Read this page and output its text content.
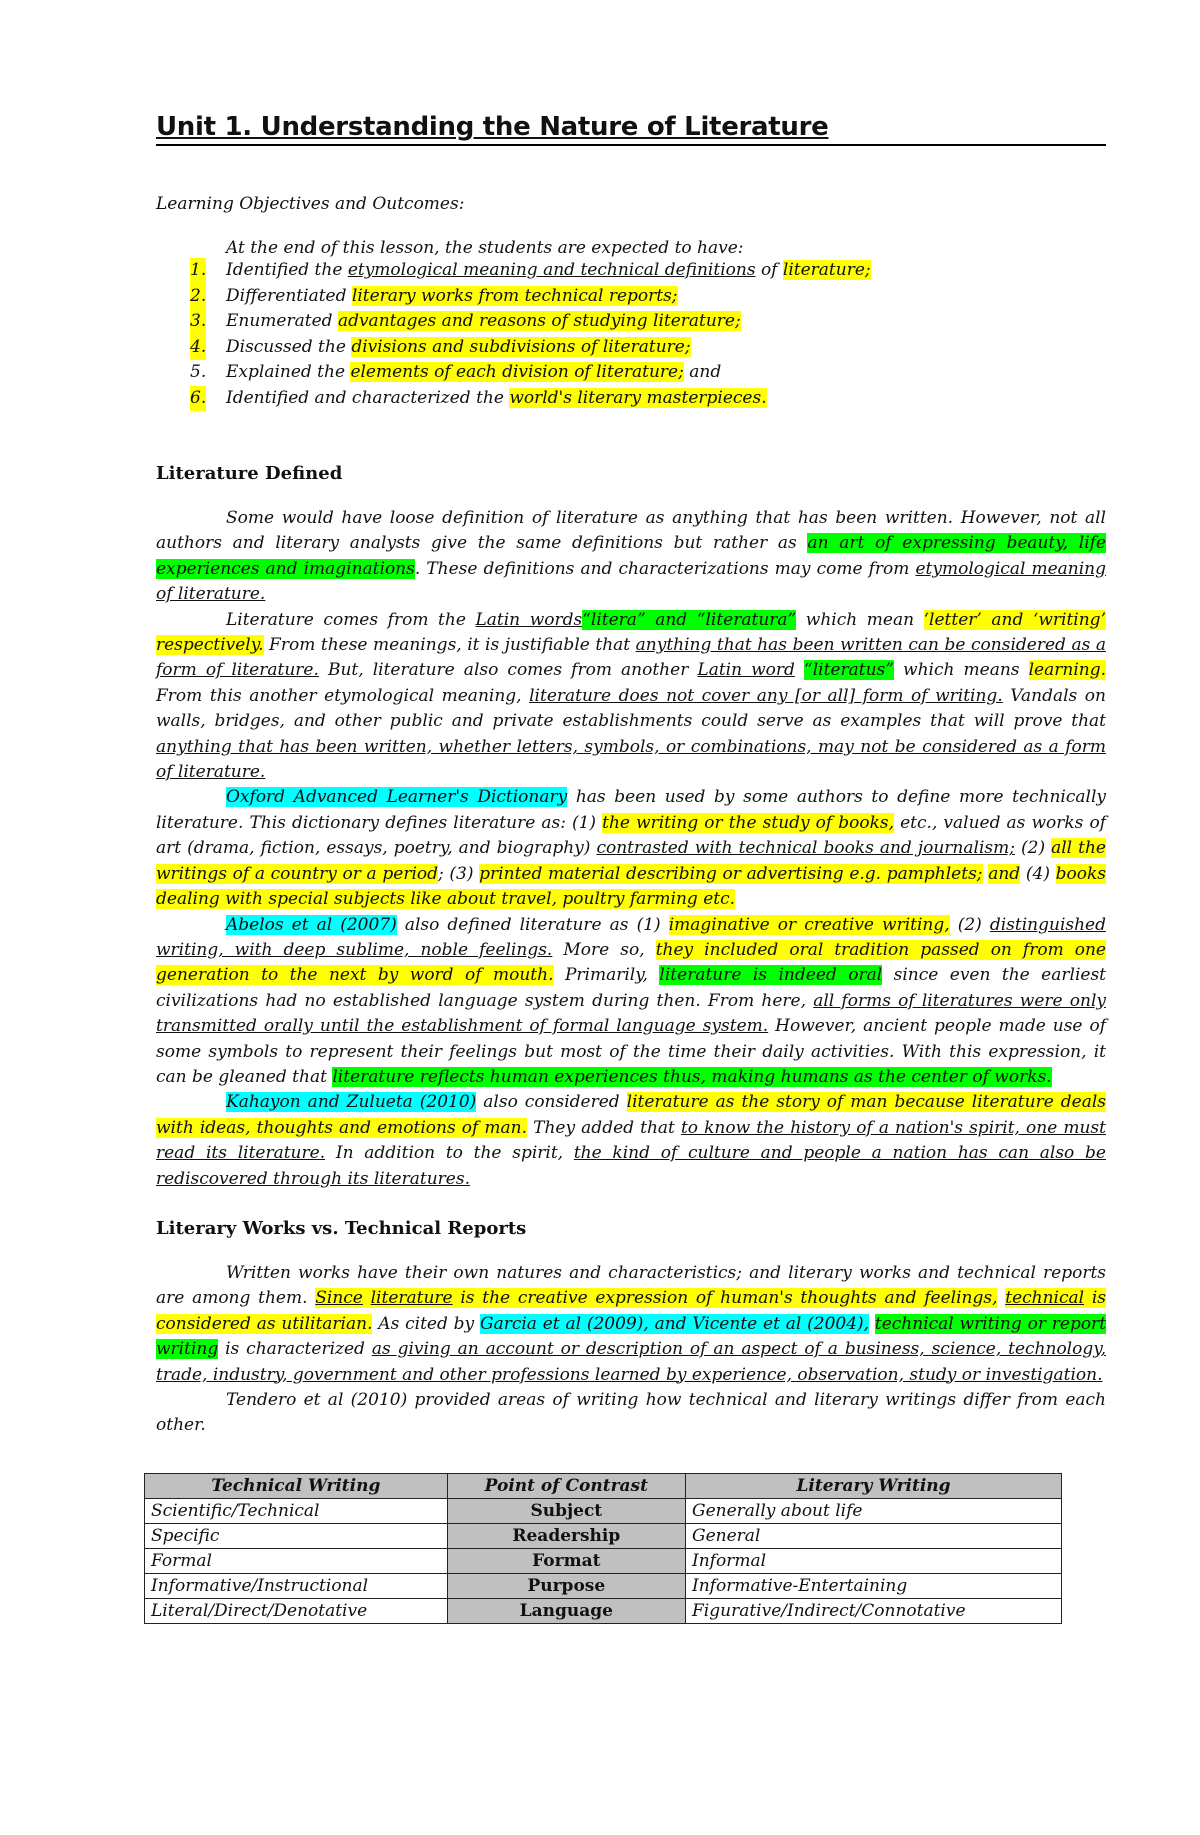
Unit 1. Understanding the Nature of Literature
Learning Objectives and Outcomes:
At the end of this lesson, the students are expected to have:
1. Identified the etymological meaning and technical definitions of literature;
2. Differentiated literary works from technical reports;
3. Enumerated advantages and reasons of studying literature;
4. Discussed the divisions and subdivisions of literature;
5. Explained the elements of each division of literature; and
6. Identified and characterized the world's literary masterpieces.
Literature Defined

Some would have loose definition of literature as anything that has been written. However, not all authors and literary analysts give the same definitions but rather as an art of expressing beauty, life experiences and imaginations. These definitions and characterizations may come from etymological meaning of literature.

Literature comes from the Latin words“litera” and “literatura” which mean ‘letter’ and ‘writing’ respectively. From these meanings, it is justifiable that anything that has been written can be considered as a form of literature. But, literature also comes from another Latin word “literatus” which means learning. From this another etymological meaning, literature does not cover any [or all] form of writing. Vandals on walls, bridges, and other public and private establishments could serve as examples that will prove that anything that has been written, whether letters, symbols, or combinations, may not be considered as a form of literature.

Oxford Advanced Learner's Dictionary has been used by some authors to define more technically literature. This dictionary defines literature as: (1) the writing or the study of books, etc., valued as works of art (drama, fiction, essays, poetry, and biography) contrasted with technical books and journalism; (2) all the writings of a country or a period; (3) printed material describing or advertising e.g. pamphlets; and (4) books dealing with special subjects like about travel, poultry farming etc.

Abelos et al (2007) also defined literature as (1) imaginative or creative writing, (2) distinguished writing, with deep sublime, noble feelings. More so, they included oral tradition passed on from one generation to the next by word of mouth. Primarily, literature is indeed oral since even the earliest civilizations had no established language system during then. From here, all forms of literatures were only transmitted orally until the establishment of formal language system. However, ancient people made use of some symbols to represent their feelings but most of the time their daily activities. With this expression, it can be gleaned that literature reflects human experiences thus, making humans as the center of works.

Kahayon and Zulueta (2010) also considered literature as the story of man because literature deals with ideas, thoughts and emotions of man. They added that to know the history of a nation's spirit, one must read its literature. In addition to the spirit, the kind of culture and people a nation has can also be rediscovered through its literatures.

Literary Works vs. Technical Reports

Written works have their own natures and characteristics; and literary works and technical reports are among them. Since literature is the creative expression of human's thoughts and feelings, technical is considered as utilitarian. As cited by Garcia et al (2009), and Vicente et al (2004), technical writing or report writing is characterized as giving an account or description of an aspect of a business, science, technology, trade, industry, government and other professions learned by experience, observation, study or investigation.

Tendero et al (2010) provided areas of writing how technical and literary writings differ from each other.

Technical Writing	Point of Contrast	Literary Writing
Scientific/Technical	Subject	Generally about life
Specific	Readership	General
Formal	Format	Informal
Informative/Instructional	Purpose	Informative-Entertaining
Literal/Direct/Denotative	Language	Figurative/Indirect/Connotative
